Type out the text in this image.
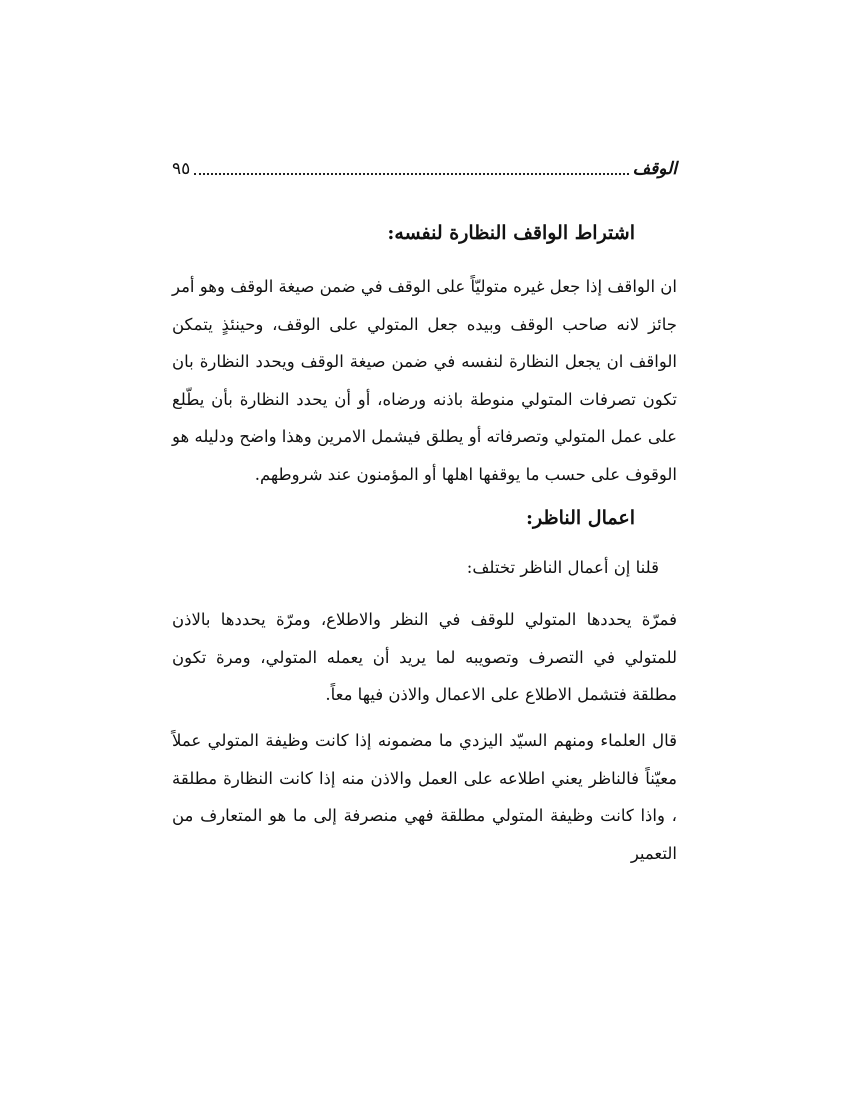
٩٥	الوقف
اشتراط الواقف النظارة لنفسه:

ان الواقف إذا جعل غيره متوليّاً على الوقف في ضمن صيغة الوقف وهو أمر جائز لانه صاحب الوقف وبيده جعل المتولي على الوقف، وحينئذٍ يتمكن الواقف ان يجعل النظارة لنفسه في ضمن صيغة الوقف ويحدد النظارة بان تكون تصرفات المتولي منوطة باذنه ورضاه، أو أن يحدد النظارة بأن يطّلع على عمل المتولي وتصرفاته أو يطلق فيشمل الامرين وهذا واضح ودليله هو الوقوف على حسب ما يوقفها اهلها أو المؤمنون عند شروطهم.

اعمال الناظر:
قلنا إن أعمال الناظر تختلف:

فمرّة يحددها المتولي للوقف في النظر والاطلاع، ومرّة يحددها بالاذن للمتولي في التصرف وتصويبه لما يريد أن يعمله المتولي، ومرة تكون مطلقة فتشمل الاطلاع على الاعمال والاذن فيها معاً.

قال العلماء ومنهم السيّد اليزدي ما مضمونه إذا كانت وظيفة المتولي عملاً معيّناً فالناظر يعني اطلاعه على العمل والاذن منه إذا كانت النظارة مطلقة ، واذا كانت وظيفة المتولي مطلقة فهي منصرفة إلى ما هو المتعارف من التعمير
